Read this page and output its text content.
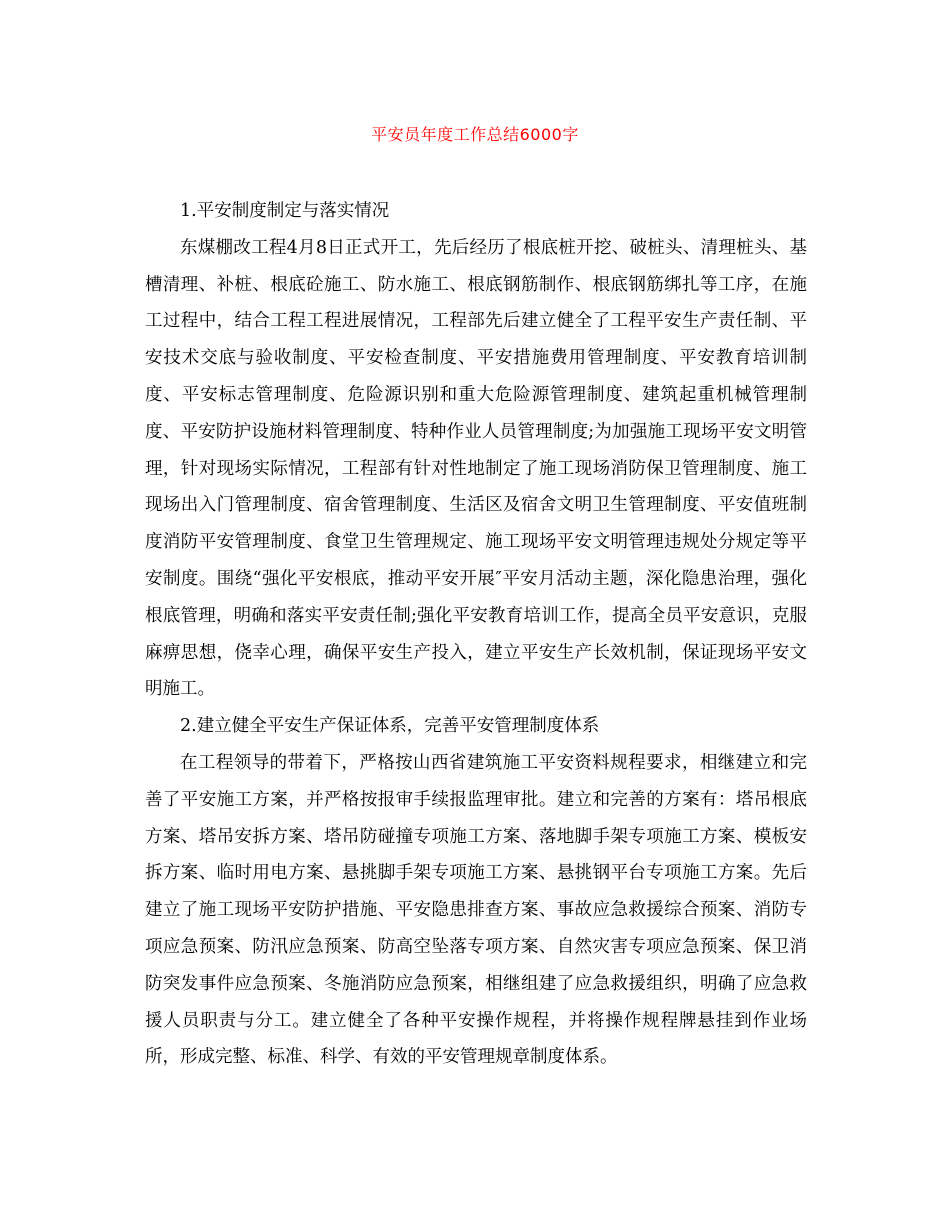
平安员年度工作总结6000字

1.平安制度制定与落实情况

东煤棚改工程4月8日正式开工，先后经历了根底桩开挖、破桩头、清理桩头、基槽清理、补桩、根底砼施工、防水施工、根底钢筋制作、根底钢筋绑扎等工序，在施工过程中，结合工程工程进展情况，工程部先后建立健全了工程平安生产责任制、平安技术交底与验收制度、平安检查制度、平安措施费用管理制度、平安教育培训制度、平安标志管理制度、危险源识别和重大危险源管理制度、建筑起重机械管理制度、平安防护设施材料管理制度、特种作业人员管理制度;为加强施工现场平安文明管理，针对现场实际情况，工程部有针对性地制定了施工现场消防保卫管理制度、施工现场出入门管理制度、宿舍管理制度、生活区及宿舍文明卫生管理制度、平安值班制度消防平安管理制度、食堂卫生管理规定、施工现场平安文明管理违规处分规定等平安制度。围绕“强化平安根底，推动平安开展″平安月活动主题，深化隐患治理，强化根底管理，明确和落实平安责任制;强化平安教育培训工作，提高全员平安意识，克服麻痹思想，侥幸心理，确保平安生产投入，建立平安生产长效机制，保证现场平安文明施工。

2.建立健全平安生产保证体系，完善平安管理制度体系

在工程领导的带着下，严格按山西省建筑施工平安资料规程要求，相继建立和完善了平安施工方案，并严格按报审手续报监理审批。建立和完善的方案有：塔吊根底方案、塔吊安拆方案、塔吊防碰撞专项施工方案、落地脚手架专项施工方案、模板安拆方案、临时用电方案、悬挑脚手架专项施工方案、悬挑钢平台专项施工方案。先后建立了施工现场平安防护措施、平安隐患排查方案、事故应急救援综合预案、消防专项应急预案、防汛应急预案、防高空坠落专项方案、自然灾害专项应急预案、保卫消防突发事件应急预案、冬施消防应急预案，相继组建了应急救援组织，明确了应急救援人员职责与分工。建立健全了各种平安操作规程，并将操作规程牌悬挂到作业场所，形成完整、标准、科学、有效的平安管理规章制度体系。
